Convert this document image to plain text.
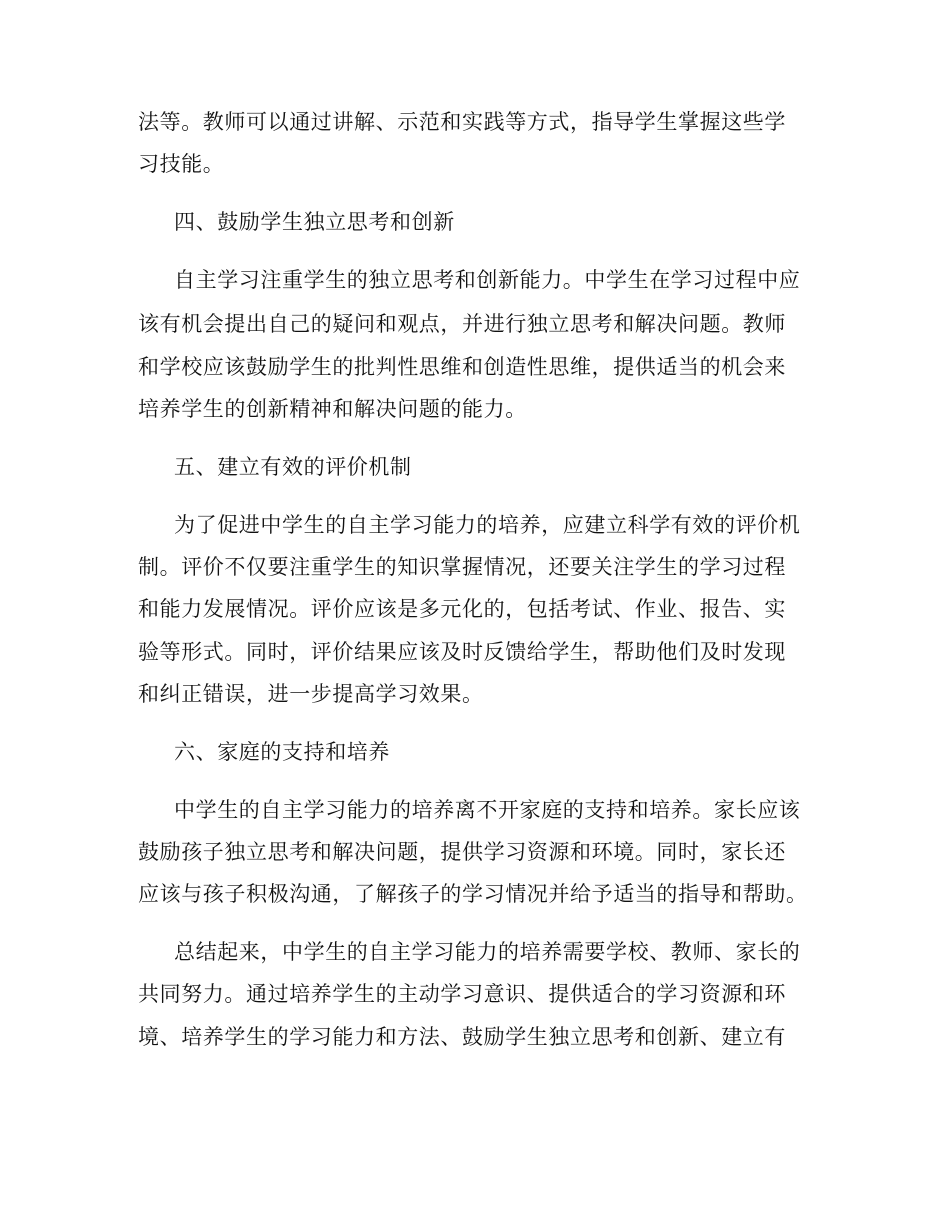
法等。教师可以通过讲解、示范和实践等方式，指导学生掌握这些学

习技能。

四、鼓励学生独立思考和创新

自主学习注重学生的独立思考和创新能力。中学生在学习过程中应

该有机会提出自己的疑问和观点，并进行独立思考和解决问题。教师

和学校应该鼓励学生的批判性思维和创造性思维，提供适当的机会来

培养学生的创新精神和解决问题的能力。

五、建立有效的评价机制

为了促进中学生的自主学习能力的培养，应建立科学有效的评价机

制。评价不仅要注重学生的知识掌握情况，还要关注学生的学习过程

和能力发展情况。评价应该是多元化的，包括考试、作业、报告、实

验等形式。同时，评价结果应该及时反馈给学生，帮助他们及时发现

和纠正错误，进一步提高学习效果。

六、家庭的支持和培养

中学生的自主学习能力的培养离不开家庭的支持和培养。家长应该

鼓励孩子独立思考和解决问题，提供学习资源和环境。同时，家长还

应该与孩子积极沟通，了解孩子的学习情况并给予适当的指导和帮助。

总结起来，中学生的自主学习能力的培养需要学校、教师、家长的

共同努力。通过培养学生的主动学习意识、提供适合的学习资源和环

境、培养学生的学习能力和方法、鼓励学生独立思考和创新、建立有
